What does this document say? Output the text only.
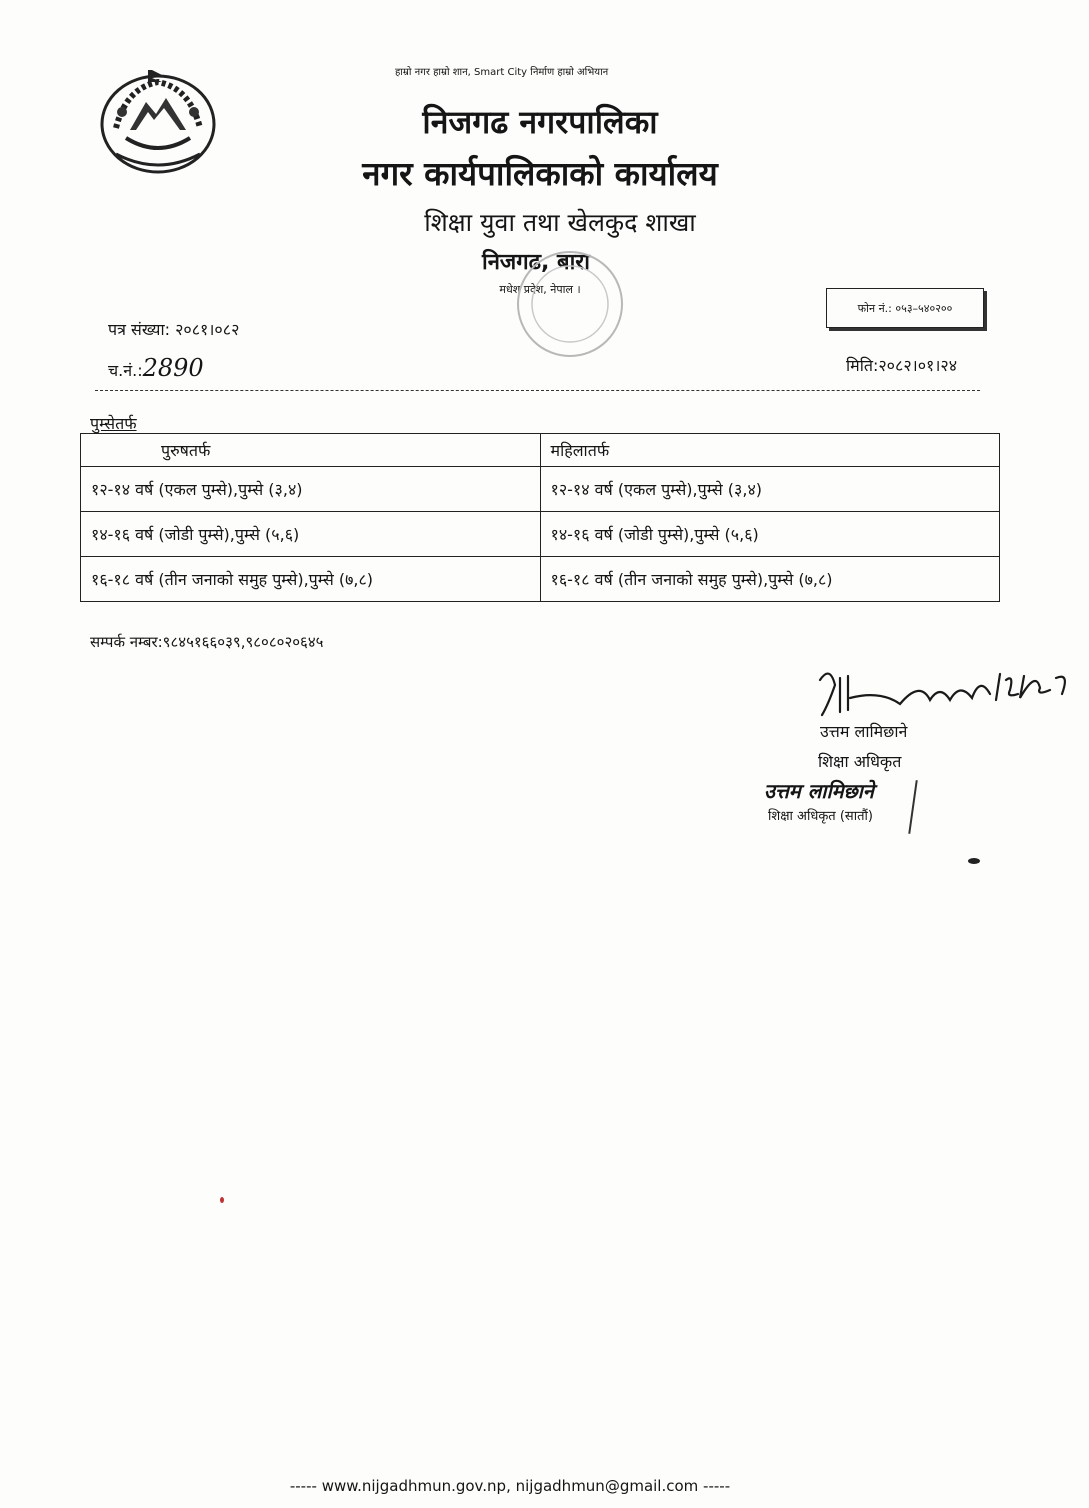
हाम्रो नगर हाम्रो शान, Smart City निर्माण हाम्रो अभियान
निजगढ नगरपालिका
नगर कार्यपालिकाको कार्यालय
शिक्षा युवा तथा खेलकुद शाखा
निजगढ, बारा
मधेश प्रदेश, नेपाल ।
फोन नं.: ०५३–५४०२००
पत्र संख्या: २०८१।०८२
च.नं.:2890	मिति:२०८२।०१।२४
पुम्सेतर्फ
पुरुषतर्फ	महिलातर्फ
१२-१४ वर्ष (एकल पुम्से),पुम्से (३,४)	१२-१४ वर्ष (एकल पुम्से),पुम्से (३,४)
१४-१६ वर्ष (जोडी पुम्से),पुम्से (५,६)	१४-१६ वर्ष (जोडी पुम्से),पुम्से (५,६)
१६-१८ वर्ष (तीन जनाको समुह पुम्से),पुम्से (७,८)	१६-१८ वर्ष (तीन जनाको समुह पुम्से),पुम्से (७,८)
सम्पर्क नम्बर:९८४५१६६०३९,९८०८०२०६४५
उत्तम लामिछाने
शिक्षा अधिकृत
उत्तम लामिछाने
शिक्षा अधिकृत (सातौं)
----- www.nijgadhmun.gov.np, nijgadhmun@gmail.com -----
